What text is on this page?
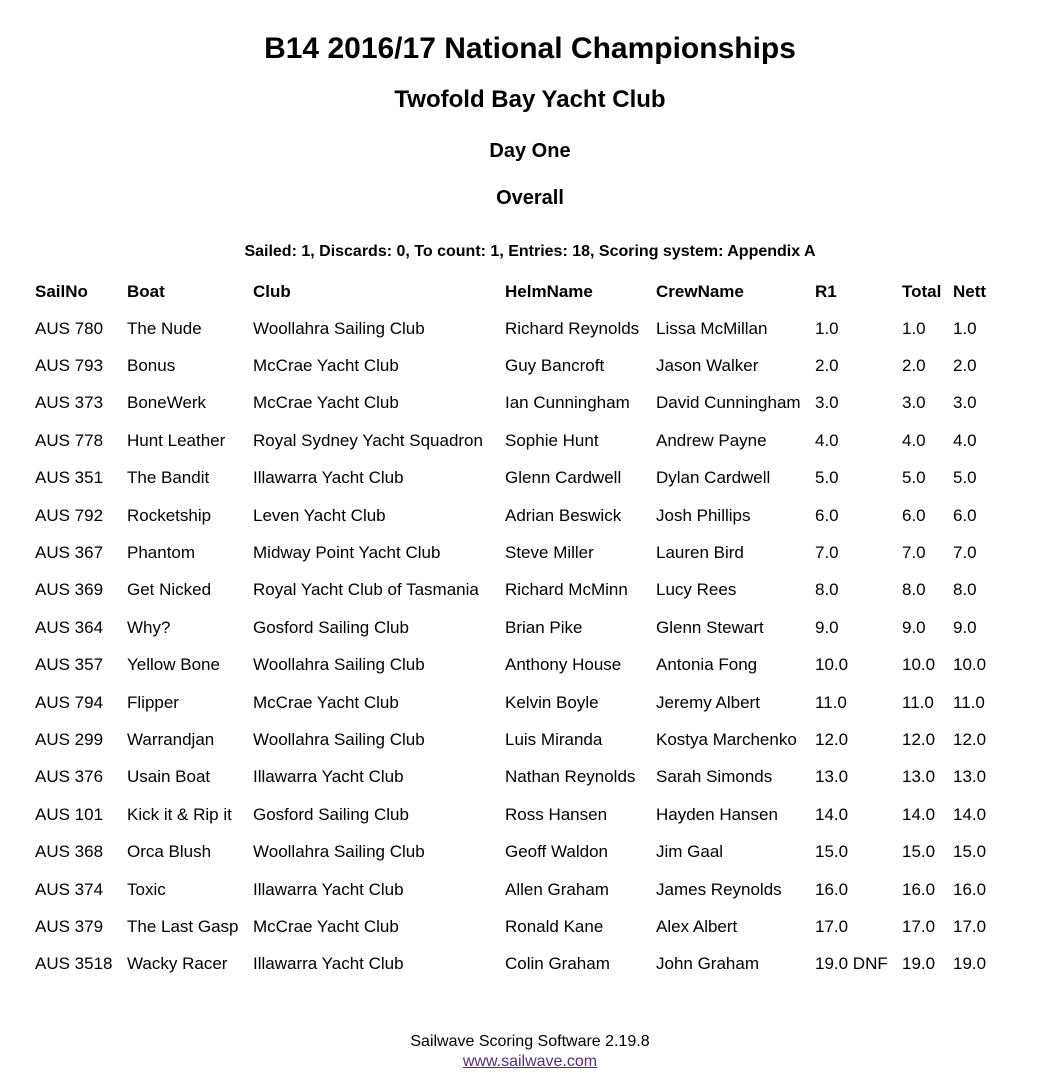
B14 2016/17 National Championships
Twofold Bay Yacht Club
Day One
Overall
Sailed: 1, Discards: 0, To count: 1, Entries: 18, Scoring system: Appendix A
SailNo	Boat	Club	HelmName	CrewName	R1	Total	Nett
AUS 780	The Nude	Woollahra Sailing Club	Richard Reynolds	Lissa McMillan	1.0	1.0	1.0
AUS 793	Bonus	McCrae Yacht Club	Guy Bancroft	Jason Walker	2.0	2.0	2.0
AUS 373	BoneWerk	McCrae Yacht Club	Ian Cunningham	David Cunningham	3.0	3.0	3.0
AUS 778	Hunt Leather	Royal Sydney Yacht Squadron	Sophie Hunt	Andrew Payne	4.0	4.0	4.0
AUS 351	The Bandit	Illawarra Yacht Club	Glenn Cardwell	Dylan Cardwell	5.0	5.0	5.0
AUS 792	Rocketship	Leven Yacht Club	Adrian Beswick	Josh Phillips	6.0	6.0	6.0
AUS 367	Phantom	Midway Point Yacht Club	Steve Miller	Lauren Bird	7.0	7.0	7.0
AUS 369	Get Nicked	Royal Yacht Club of Tasmania	Richard McMinn	Lucy Rees	8.0	8.0	8.0
AUS 364	Why?	Gosford Sailing Club	Brian Pike	Glenn Stewart	9.0	9.0	9.0
AUS 357	Yellow Bone	Woollahra Sailing Club	Anthony House	Antonia Fong	10.0	10.0	10.0
AUS 794	Flipper	McCrae Yacht Club	Kelvin Boyle	Jeremy Albert	11.0	11.0	11.0
AUS 299	Warrandjan	Woollahra Sailing Club	Luis Miranda	Kostya Marchenko	12.0	12.0	12.0
AUS 376	Usain Boat	Illawarra Yacht Club	Nathan Reynolds	Sarah Simonds	13.0	13.0	13.0
AUS 101	Kick it & Rip it	Gosford Sailing Club	Ross Hansen	Hayden Hansen	14.0	14.0	14.0
AUS 368	Orca Blush	Woollahra Sailing Club	Geoff Waldon	Jim Gaal	15.0	15.0	15.0
AUS 374	Toxic	Illawarra Yacht Club	Allen Graham	James Reynolds	16.0	16.0	16.0
AUS 379	The Last Gasp	McCrae Yacht Club	Ronald Kane	Alex Albert	17.0	17.0	17.0
AUS 3518	Wacky Racer	Illawarra Yacht Club	Colin Graham	John Graham	19.0 DNF	19.0	19.0
Sailwave Scoring Software 2.19.8
www.sailwave.com
